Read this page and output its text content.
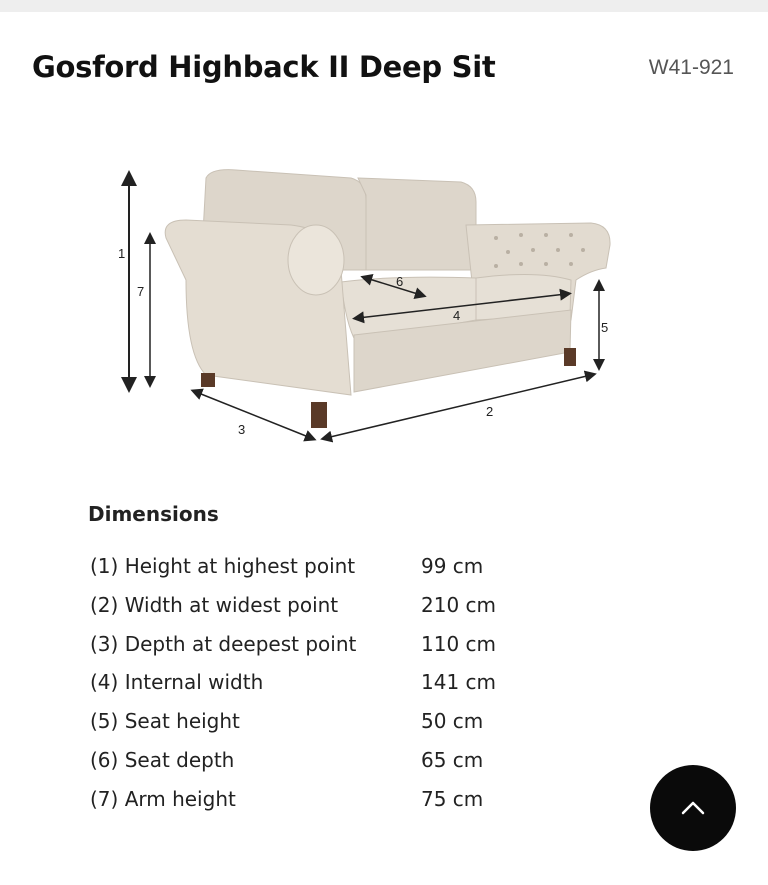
Gosford Highback II Deep Sit	W41-921
1
7
6
4
5
2
3
Dimensions
(1) Height at highest point	99 cm
(2) Width at widest point	210 cm
(3) Depth at deepest point	110 cm
(4) Internal width	141 cm
(5) Seat height	50 cm
(6) Seat depth	65 cm
(7) Arm height	75 cm
